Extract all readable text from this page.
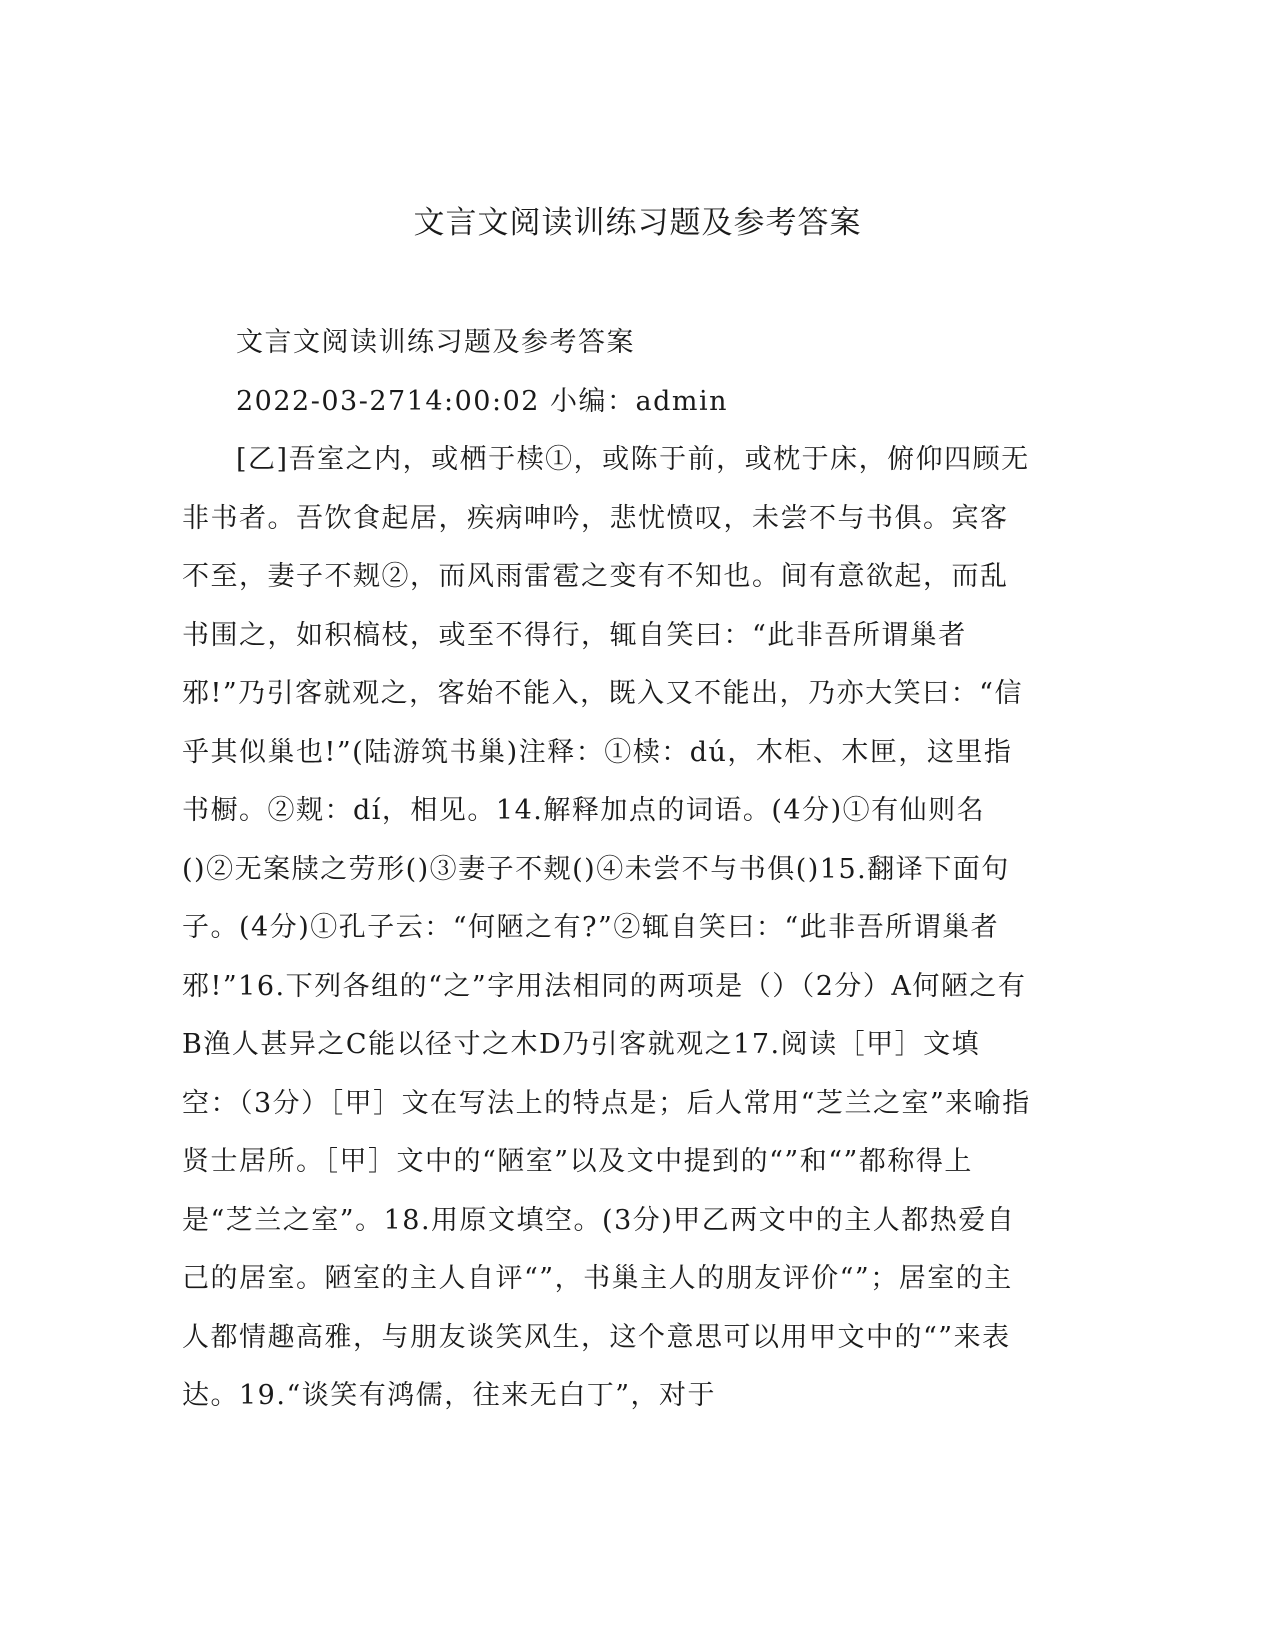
文言文阅读训练习题及参考答案

文言文阅读训练习题及参考答案

2022-03-2714:00:02 小编：admin

[乙]吾室之内，或栖于椟①，或陈于前，或枕于床，俯仰四顾无非书者。吾饮食起居，疾病呻吟，悲忧愤叹，未尝不与书俱。宾客不至，妻子不觌②，而风雨雷雹之变有不知也。间有意欲起，而乱书围之，如积槁枝，或至不得行，辄自笑曰：“此非吾所谓巢者邪!”乃引客就观之，客始不能入，既入又不能出，乃亦大笑曰：“信乎其似巢也!”(陆游筑书巢)注释：①椟：dú，木柜、木匣，这里指书橱。②觌：dí，相见。14.解释加点的词语。(4分)①有仙则名()②无案牍之劳形()③妻子不觌()④未尝不与书俱()15.翻译下面句子。(4分)①孔子云：“何陋之有?”②辄自笑曰：“此非吾所谓巢者邪!”16.下列各组的“之”字用法相同的两项是（）（2分）A何陋之有B渔人甚异之C能以径寸之木D乃引客就观之17.阅读［甲］文填空：（3分）［甲］文在写法上的特点是；后人常用“芝兰之室”来喻指贤士居所。［甲］文中的“陋室”以及文中提到的“”和“”都称得上是“芝兰之室”。18.用原文填空。(3分)甲乙两文中的主人都热爱自己的居室。陋室的主人自评“”，书巢主人的朋友评价“”；居室的主人都情趣高雅，与朋友谈笑风生，这个意思可以用甲文中的“”来表达。19.“谈笑有鸿儒，往来无白丁”，对于
